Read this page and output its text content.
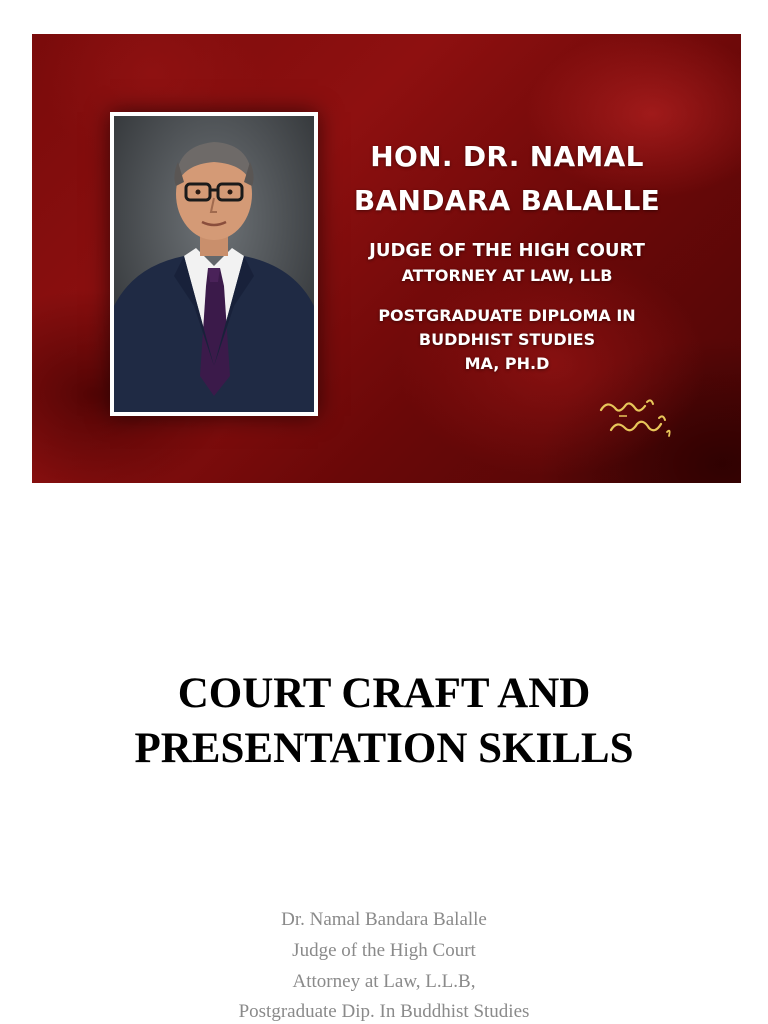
HON. DR. NAMAL
BANDARA BALALLE
JUDGE OF THE HIGH COURT
ATTORNEY AT LAW, LLB
POSTGRADUATE DIPLOMA IN
BUDDHIST STUDIES
MA, PH.D
COURT CRAFT AND
PRESENTATION SKILLS
Dr. Namal Bandara Balalle
Judge of the High Court
Attorney at Law, L.L.B,
Postgraduate Dip. In Buddhist Studies
